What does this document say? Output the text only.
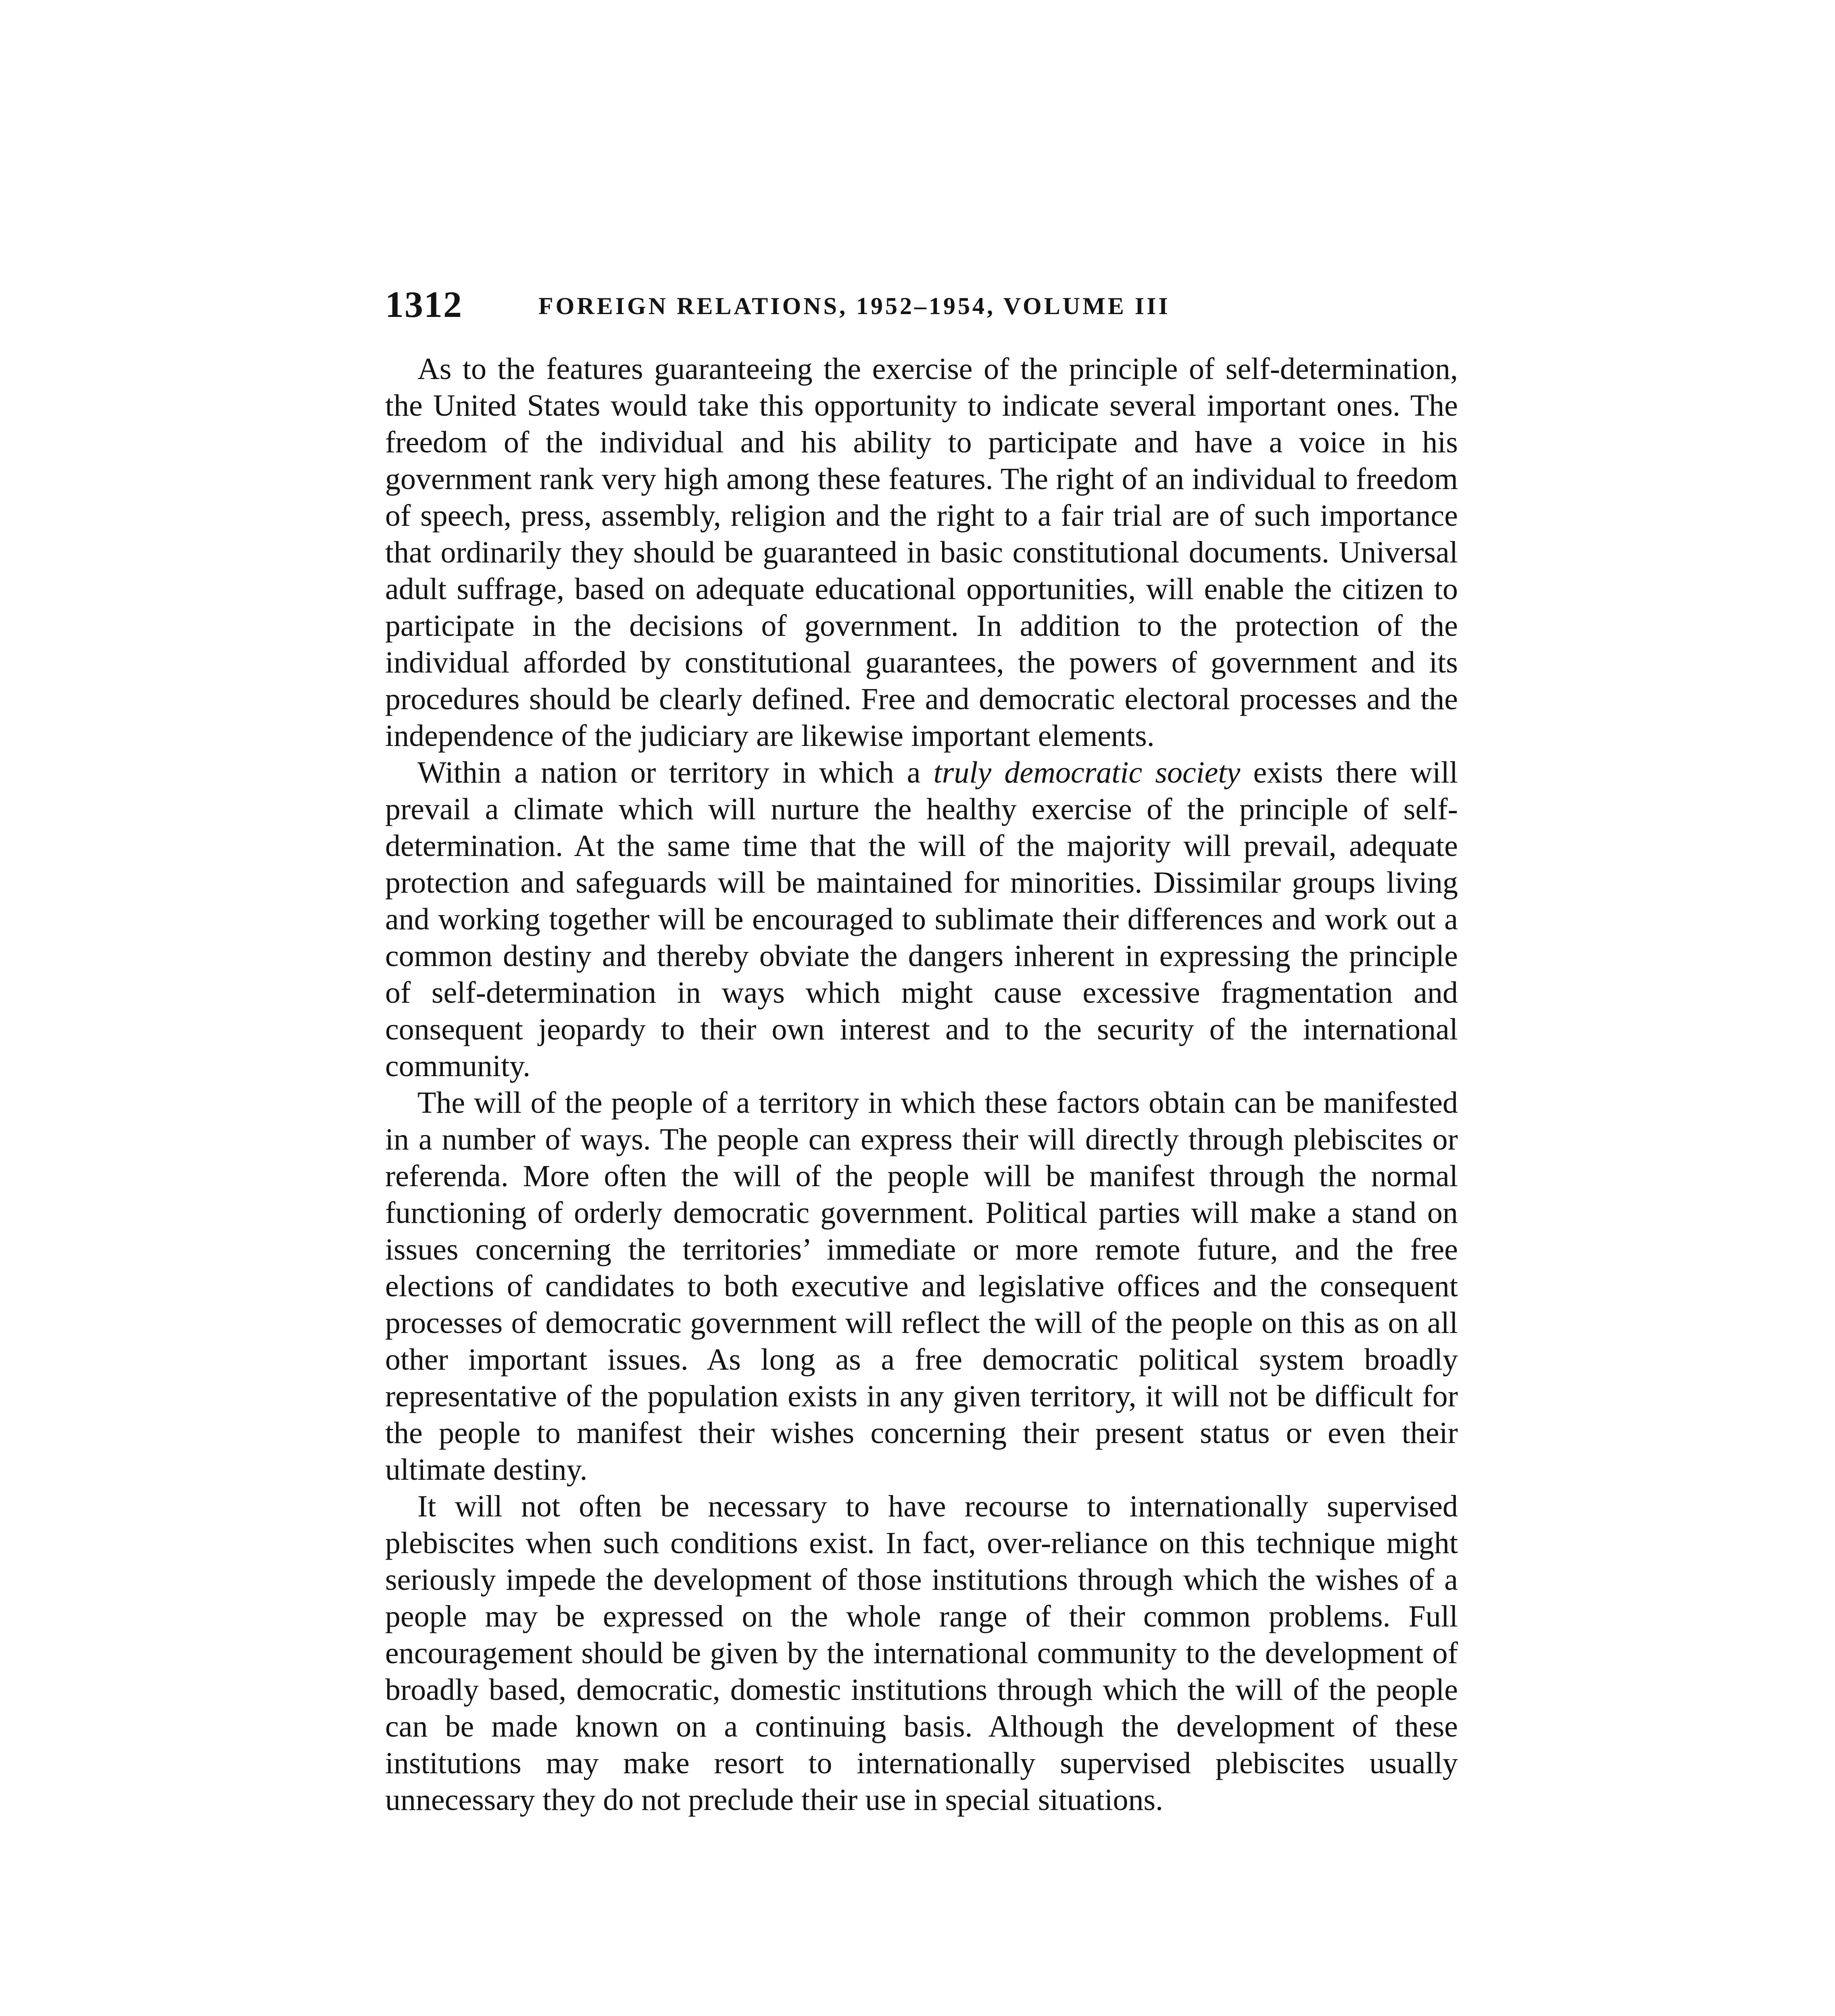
1312	FOREIGN RELATIONS, 1952–1954, VOLUME III

As to the features guaranteeing the exercise of the principle of self-determination, the United States would take this opportunity to indicate several important ones. The freedom of the individual and his ability to participate and have a voice in his government rank very high among these features. The right of an individual to freedom of speech, press, assembly, religion and the right to a fair trial are of such importance that ordinarily they should be guaranteed in basic constitutional documents. Universal adult suffrage, based on adequate educational opportunities, will enable the citizen to participate in the decisions of government. In addition to the protection of the individual afforded by constitutional guarantees, the powers of government and its procedures should be clearly defined. Free and democratic electoral processes and the independence of the judiciary are likewise important elements.

Within a nation or territory in which a truly democratic society exists there will prevail a climate which will nurture the healthy exercise of the principle of self-determination. At the same time that the will of the majority will prevail, adequate protection and safeguards will be maintained for minorities. Dissimilar groups living and working together will be encouraged to sublimate their differences and work out a common destiny and thereby obviate the dangers inherent in expressing the principle of self-determination in ways which might cause excessive fragmentation and consequent jeopardy to their own interest and to the security of the international community.

The will of the people of a territory in which these factors obtain can be manifested in a number of ways. The people can express their will directly through plebiscites or referenda. More often the will of the people will be manifest through the normal functioning of orderly democratic government. Political parties will make a stand on issues concerning the territories’ immediate or more remote future, and the free elections of candidates to both executive and legislative offices and the consequent processes of democratic government will reflect the will of the people on this as on all other important issues. As long as a free democratic political system broadly representative of the population exists in any given territory, it will not be difficult for the people to manifest their wishes concerning their present status or even their ultimate destiny.

It will not often be necessary to have recourse to internationally supervised plebiscites when such conditions exist. In fact, over-reliance on this technique might seriously impede the development of those institutions through which the wishes of a people may be expressed on the whole range of their common problems. Full encouragement should be given by the international community to the development of broadly based, democratic, domestic institutions through which the will of the people can be made known on a continuing basis. Although the development of these institutions may make resort to internationally supervised plebiscites usually unnecessary they do not preclude their use in special situations.
